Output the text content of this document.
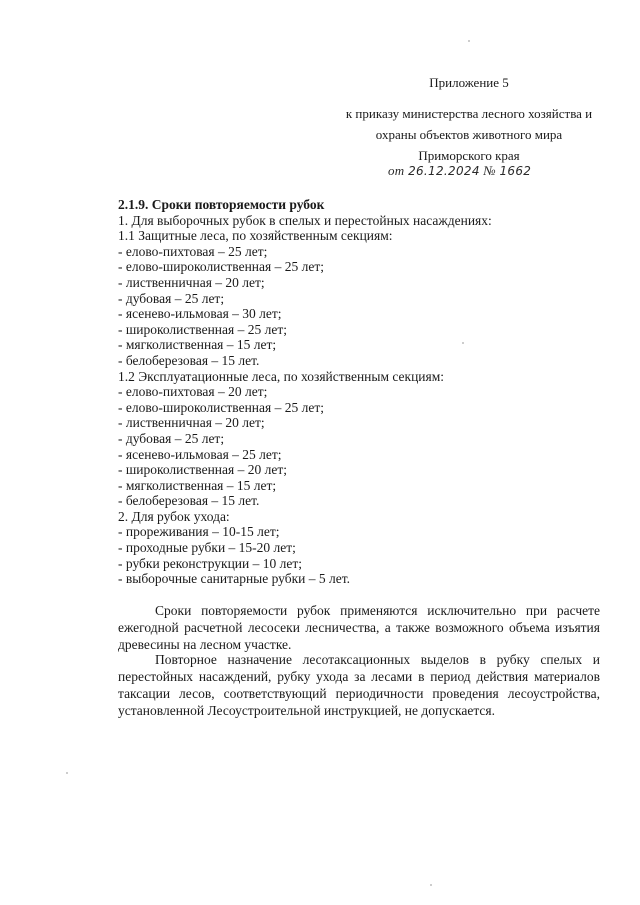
Приложение 5
к приказу министерства лесного хозяйства и
охраны объектов животного мира
Приморского края
от 26.12.2024 № 1662
2.1.9. Сроки повторяемости рубок
1. Для выборочных рубок в спелых и перестойных насаждениях:
1.1 Защитные леса, по хозяйственным секциям:
- елово-пихтовая – 25 лет;
- елово-широколиственная – 25 лет;
- лиственничная – 20 лет;
- дубовая – 25 лет;
- ясенево-ильмовая – 30 лет;
- широколиственная – 25 лет;
- мягколиственная – 15 лет;
- белоберезовая – 15 лет.
1.2 Эксплуатационные леса, по хозяйственным секциям:
- елово-пихтовая – 20 лет;
- елово-широколиственная – 25 лет;
- лиственничная – 20 лет;
- дубовая – 25 лет;
- ясенево-ильмовая – 25 лет;
- широколиственная – 20 лет;
- мягколиственная – 15 лет;
- белоберезовая – 15 лет.
2. Для рубок ухода:
- прореживания – 10-15 лет;
- проходные рубки – 15-20 лет;
- рубки реконструкции – 10 лет;
- выборочные санитарные рубки – 5 лет.
Сроки повторяемости рубок применяются исключительно при расчете ежегодной расчетной лесосеки лесничества, а также возможного объема изъятия древесины на лесном участке.
Повторное назначение лесотаксационных выделов в рубку спелых и перестойных насаждений, рубку ухода за лесами в период действия материалов таксации лесов, соответствующий периодичности проведения лесоустройства, установленной Лесоустроительной инструкцией, не допускается.
